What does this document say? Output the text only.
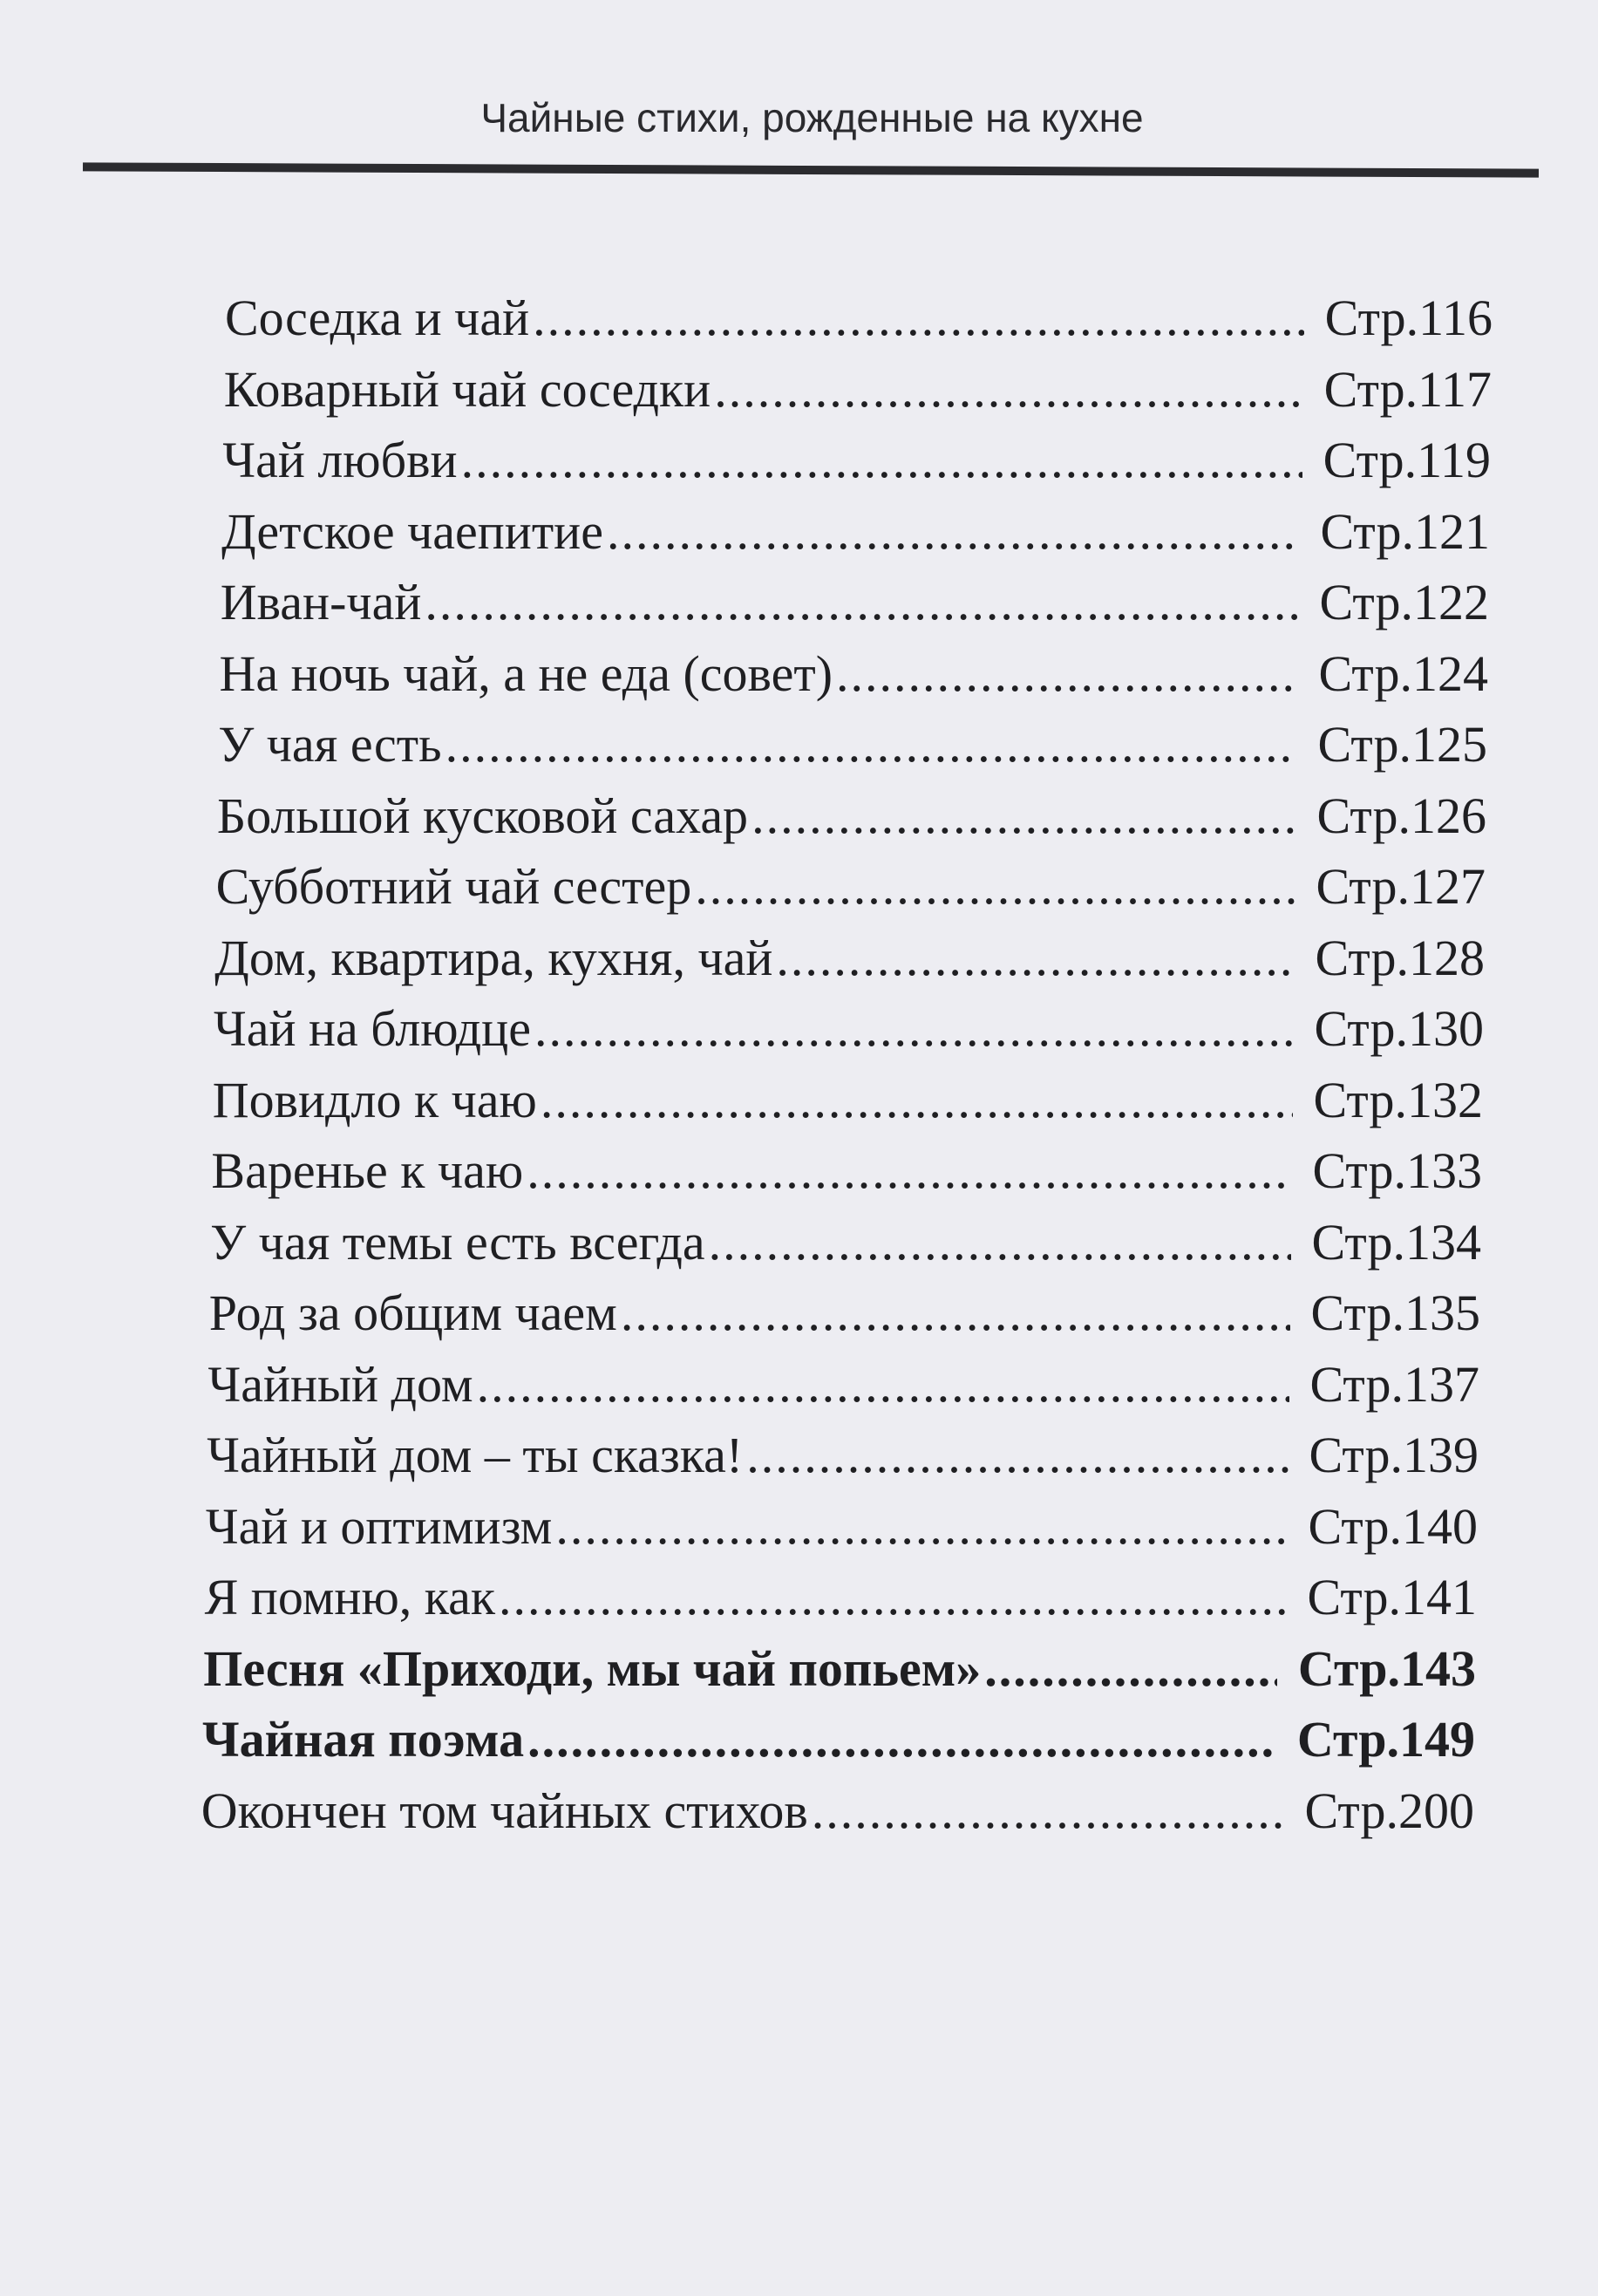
Чайные стихи, рожденные на кухне
Соседка и чай .....	Стр.116
Коварный чай соседки .....	Стр.117
Чай любви .....	Стр.119
Детское чаепитие .....	Стр.121
Иван-чай .....	Стр.122
На ночь чай, а не еда (совет) .....	Стр.124
У чая есть .....	Стр.125
Большой кусковой сахар .....	Стр.126
Субботний чай сестер .....	Стр.127
Дом, квартира, кухня, чай .....	Стр.128
Чай на блюдце .....	Стр.130
Повидло к чаю .....	Стр.132
Варенье к чаю .....	Стр.133
У чая темы есть всегда .....	Стр.134
Род за общим чаем .....	Стр.135
Чайный дом .....	Стр.137
Чайный дом – ты сказка! .....	Стр.139
Чай и оптимизм .....	Стр.140
Я помню, как .....	Стр.141
Песня «Приходи, мы чай попьем» .....	Стр.143
Чайная поэма .....	Стр.149
Окончен том чайных стихов .....	Стр.200
